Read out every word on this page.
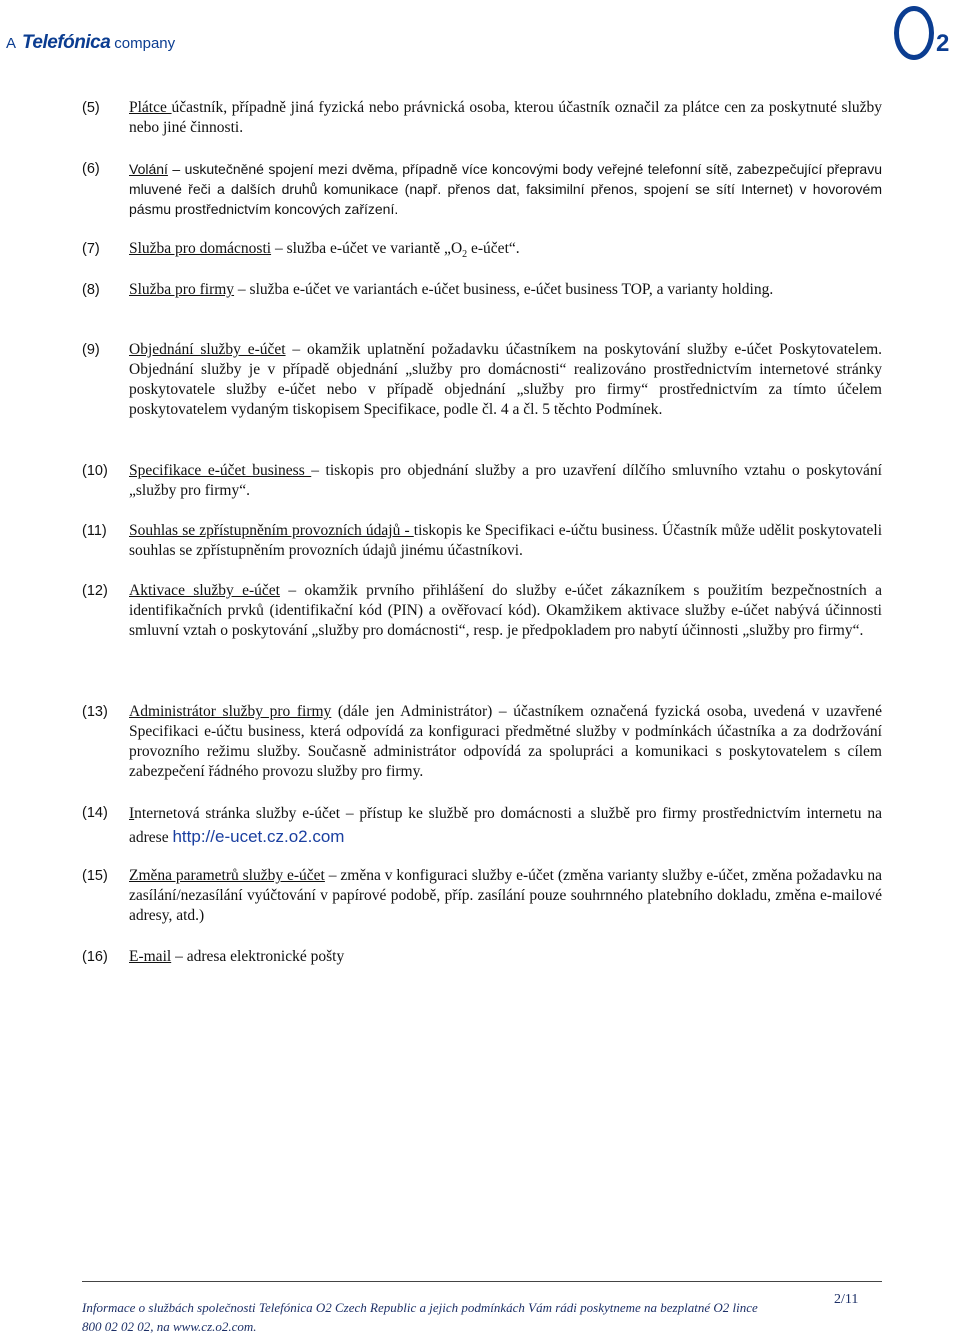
A Telefónica company	2
(5) Plátce účastník, případně jiná fyzická nebo právnická osoba, kterou účastník označil za plátce cen za poskytnuté služby nebo jiné činnosti.
(6) Volání – uskutečněné spojení mezi dvěma, případně více koncovými body veřejné telefonní sítě, zabezpečující přepravu mluvené řeči a dalších druhů komunikace (např. přenos dat, faksimilní přenos, spojení se sítí Internet) v hovorovém pásmu prostřednictvím koncových zařízení.
(7) Služba pro domácnosti – služba e-účet ve variantě $„O_2$ e-účet“.
(8) Služba pro firmy – služba e-účet ve variantách e-účet business, e-účet business TOP, a varianty holding.
(9) Objednání služby e-účet – okamžik uplatnění požadavku účastníkem na poskytování služby e-účet Poskytovatelem. Objednání služby je v případě objednání „služby pro domácnosti“ realizováno prostřednictvím internetové stránky poskytovatele služby e-účet nebo v případě objednání „služby pro firmy“ prostřednictvím za tímto účelem poskytovatelem vydaným tiskopisem Specifikace, podle čl. 4 a čl. 5 těchto Podmínek.
(10) Specifikace e-účet business – tiskopis pro objednání služby a pro uzavření dílčího smluvního vztahu o poskytování „služby pro firmy“.
(11) Souhlas se zpřístupněním provozních údajů - tiskopis ke Specifikaci e-účtu business. Účastník může udělit poskytovateli souhlas se zpřístupněním provozních údajů jinému účastníkovi.
(12) Aktivace služby e-účet – okamžik prvního přihlášení do služby e-účet zákazníkem s použitím bezpečnostních a identifikačních prvků (identifikační kód (PIN) a ověřovací kód). Okamžikem aktivace služby e-účet nabývá účinnosti smluvní vztah o poskytování „služby pro domácnosti“, resp. je předpokladem pro nabytí účinnosti „služby pro firmy“.
(13) Administrátor služby pro firmy (dále jen Administrátor) – účastníkem označená fyzická osoba, uvedená v uzavřené Specifikaci e-účtu business, která odpovídá za konfiguraci předmětné služby v podmínkách účastníka a za dodržování provozního režimu služby. Současně administrátor odpovídá za spolupráci a komunikaci s poskytovatelem s cílem zabezpečení řádného provozu služby pro firmy.
(14) Internetová stránka služby e-účet – přístup ke službě pro domácnosti a službě pro firmy prostřednictvím internetu na adrese http://e-ucet.cz.o2.com
(15) Změna parametrů služby e-účet – změna v konfiguraci služby e-účet (změna varianty služby e-účet, změna požadavku na zasílání/nezasílání vyúčtování v papírové podobě, příp. zasílání pouze souhrnného platebního dokladu, změna e-mailové adresy, atd.)
(16) E-mail – adresa elektronické pošty
2/11
Informace o službách společnosti Telefónica O2 Czech Republic a jejich podmínkách Vám rádi poskytneme na bezplatné O2 lince
800 02 02 02, na www.cz.o2.com.
